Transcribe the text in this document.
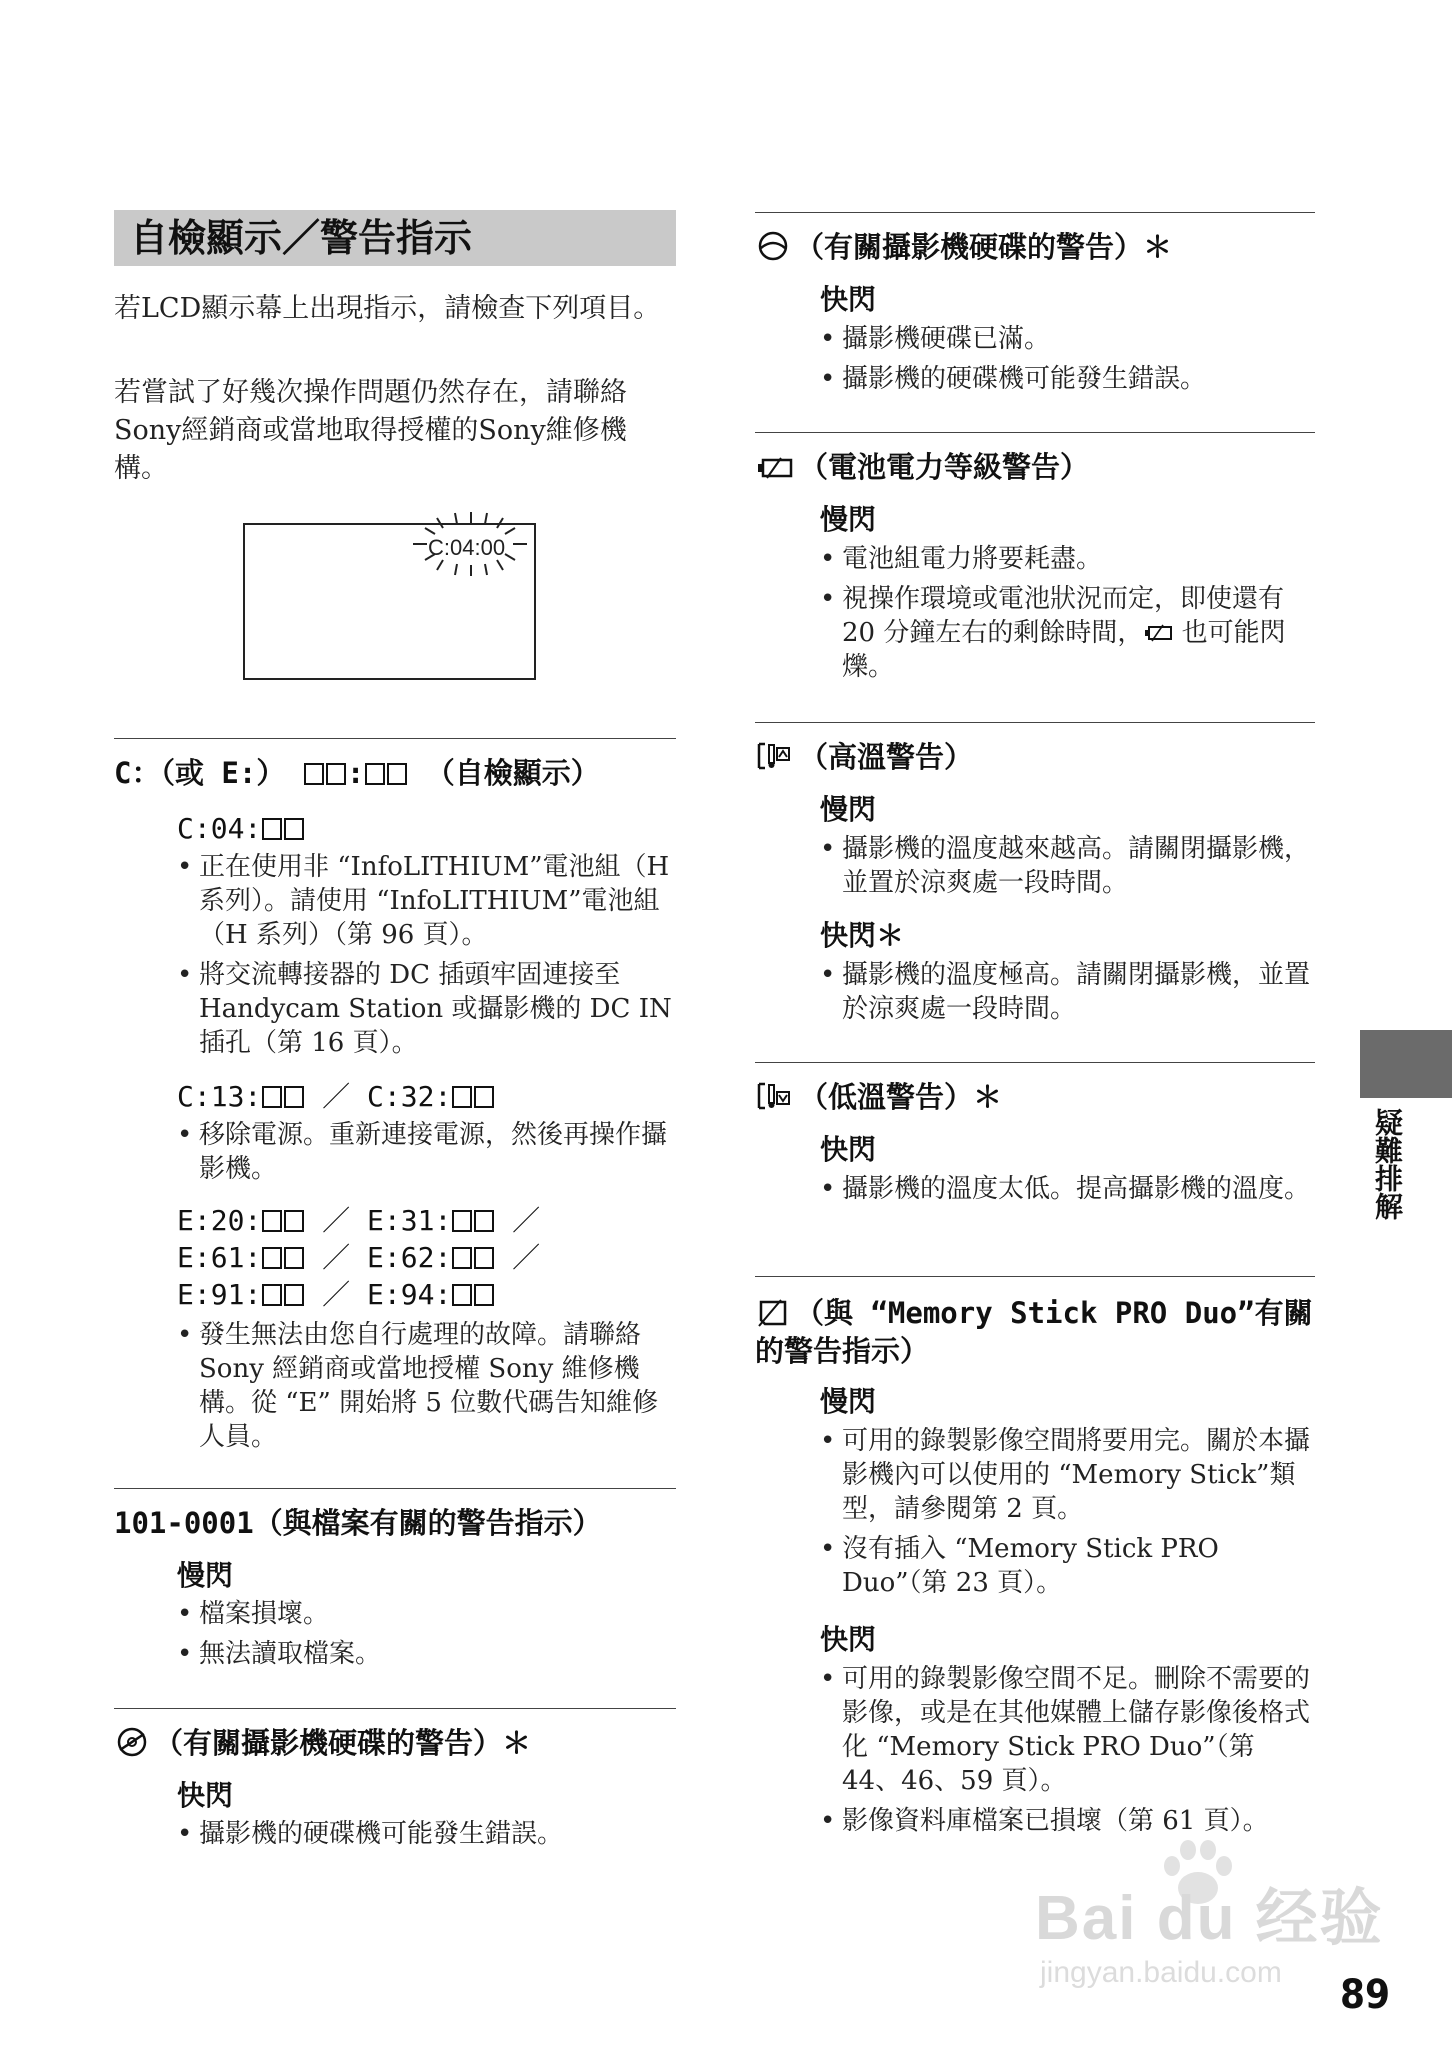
自檢顯示／警告指示
若LCD顯示幕上出現指示，請檢查下列項目。
若嘗試了好幾次操作問題仍然存在，請聯絡Sony經銷商或當地取得授權的Sony維修機構。
C:04:00
C：（或 E:） : （自檢顯示）
C:04:
• 正在使用非 “InfoLITHIUM”電池組（H 系列）。請使用 “InfoLITHIUM”電池組（H 系列）（第 96 頁）。
• 將交流轉接器的 DC 插頭牢固連接至 Handycam Station 或攝影機的 DC IN 插孔（第 16 頁）。
C:13: ／ C:32:
• 移除電源。重新連接電源，然後再操作攝影機。
E:20: ／ E:31: ／
E:61: ／ E:62: ／
E:91: ／ E:94:
• 發生無法由您自行處理的故障。請聯絡 Sony 經銷商或當地授權 Sony 維修機構。從 “E” 開始將 5 位數代碼告知維修人員。
101-0001（與檔案有關的警告指示）
慢閃
• 檔案損壞。
• 無法讀取檔案。
（有關攝影機硬碟的警告）＊
快閃
• 攝影機的硬碟機可能發生錯誤。
（有關攝影機硬碟的警告）＊
快閃
• 攝影機硬碟已滿。
• 攝影機的硬碟機可能發生錯誤。
（電池電力等級警告）
慢閃
• 電池組電力將要耗盡。
• 視操作環境或電池狀況而定，即使還有 20 分鐘左右的剩餘時間， 也可能閃爍。
（高溫警告）
慢閃
• 攝影機的溫度越來越高。請關閉攝影機，並置於涼爽處一段時間。
快閃＊
• 攝影機的溫度極高。請關閉攝影機，並置於涼爽處一段時間。
（低溫警告）＊
快閃
• 攝影機的溫度太低。提高攝影機的溫度。
（與 “Memory Stick PRO Duo”有關的警告指示）
慢閃
• 可用的錄製影像空間將要用完。關於本攝影機內可以使用的 “Memory Stick”類型，請參閱第 2 頁。
• 沒有插入 “Memory Stick PRO Duo”（第 23 頁）。
快閃
• 可用的錄製影像空間不足。刪除不需要的影像，或是在其他媒體上儲存影像後格式化 “Memory Stick PRO Duo”（第 44、46、59 頁）。
• 影像資料庫檔案已損壞（第 61 頁）。
疑難排解
Bai du 经验
jingyan.baidu.com 89
